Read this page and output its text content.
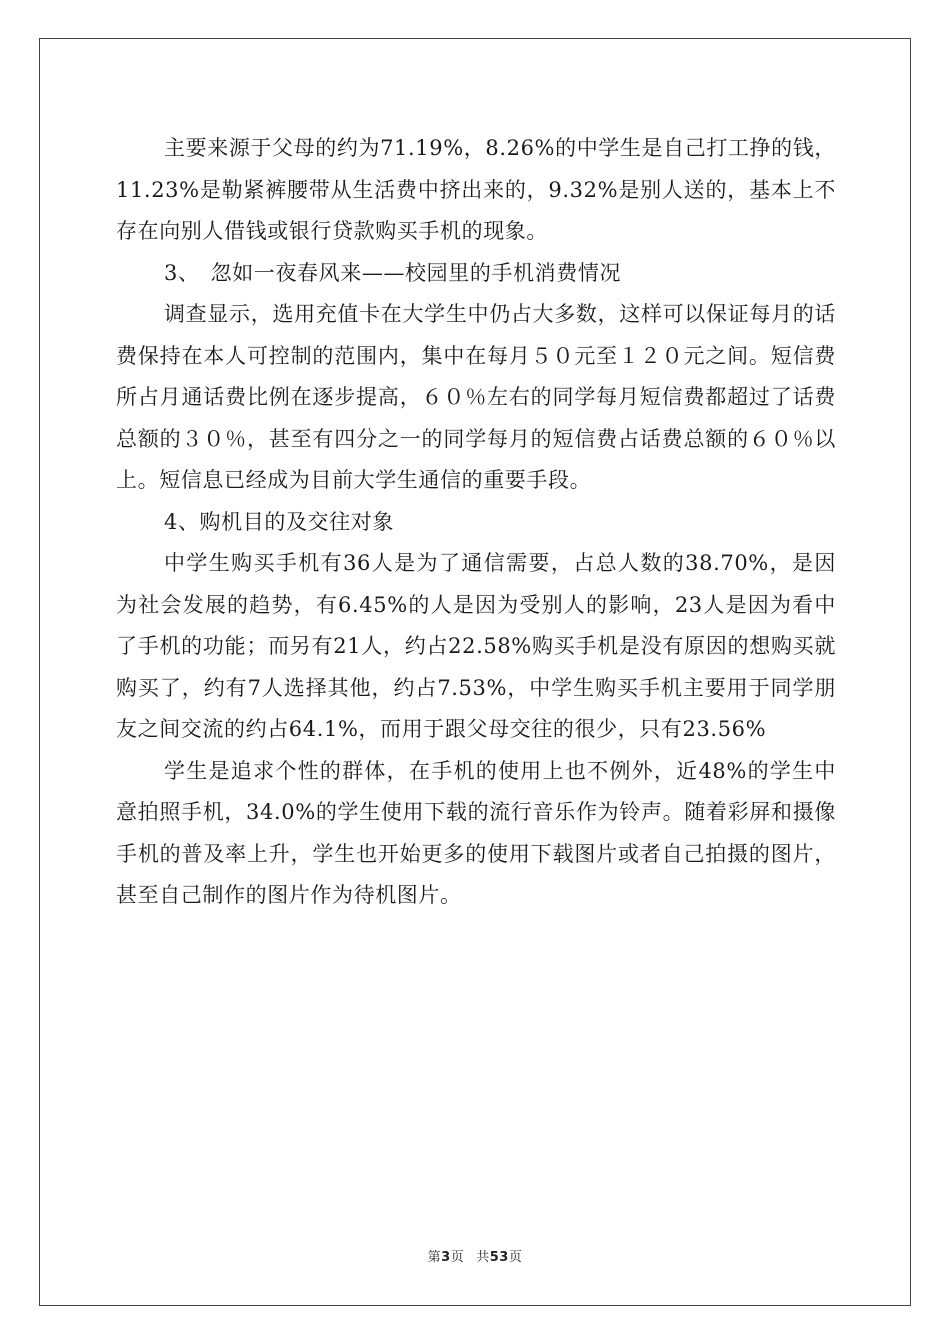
主要来源于父母的约为71.19%，8.26%的中学生是自己打工挣的钱，11.23%是勒紧裤腰带从生活费中挤出来的，9.32%是别人送的，基本上不存在向别人借钱或银行贷款购买手机的现象。

3、　忽如一夜春风来——校园里的手机消费情况

调查显示，选用充值卡在大学生中仍占大多数，这样可以保证每月的话费保持在本人可控制的范围内，集中在每月５０元至１２０元之间。短信费所占月通话费比例在逐步提高，６０％左右的同学每月短信费都超过了话费总额的３０％，甚至有四分之一的同学每月的短信费占话费总额的６０％以上。短信息已经成为目前大学生通信的重要手段。

4、购机目的及交往对象

中学生购买手机有36人是为了通信需要，占总人数的38.70%，是因为社会发展的趋势，有6.45%的人是因为受别人的影响，23人是因为看中了手机的功能；而另有21人，约占22.58%购买手机是没有原因的想购买就购买了，约有7人选择其他，约占7.53%，中学生购买手机主要用于同学朋友之间交流的约占64.1%，而用于跟父母交往的很少，只有23.56%

学生是追求个性的群体，在手机的使用上也不例外，近48%的学生中意拍照手机，34.0%的学生使用下载的流行音乐作为铃声。随着彩屏和摄像手机的普及率上升，学生也开始更多的使用下载图片或者自己拍摄的图片，甚至自己制作的图片作为待机图片。

第3页 共53页
